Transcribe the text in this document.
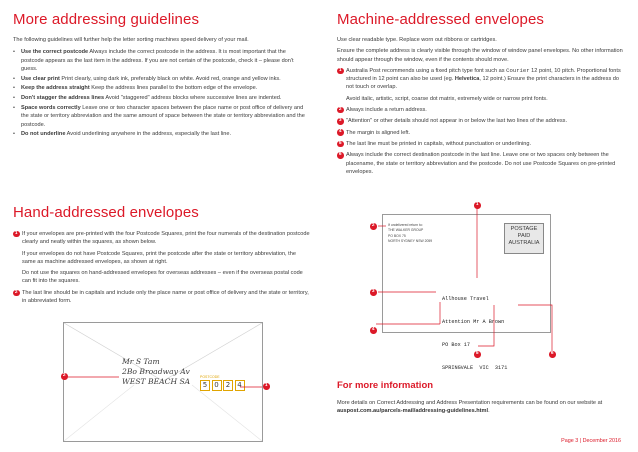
More addressing guidelines

The following guidelines will further help the letter sorting machines speed delivery of your mail.

• Use the correct postcode Always include the correct postcode in the address. It is most important that the postcode appears as the last item in the address. If you are not certain of the postcode, check it – please don't guess.
• Use clear print Print clearly, using dark ink, preferably black on white. Avoid red, orange and yellow inks.
• Keep the address straight Keep the address lines parallel to the bottom edge of the envelope.
• Don't stagger the address lines Avoid "staggered" address blocks where successive lines are indented.
• Space words correctly Leave one or two character spaces between the place name or post office of delivery and the state or territory abbreviation and the same amount of space between the state or territory abbreviation and the postcode.
• Do not underline Avoid underlining anywhere in the address, especially the last line.
Hand-addressed envelopes
1 If your envelopes are pre-printed with the four Postcode Squares, print the four numerals of the destination postcode clearly and neatly within the squares, as shown below.
If your envelopes do not have Postcode Squares, print the postcode after the state or territory abbreviation, the same as machine addressed envelopes, as shown at right.
Do not use the squares on hand-addressed envelopes for overseas addresses – even if the overseas postal code can fit into the squares.
2 The last line should be in capitals and include only the place name or post office of delivery and the state or territory, in abbreviated form.
Mr S Tam
2Bo Broadway Av
WEST BEACH SA	POSTCODE
5	0	2	4
2
1
Machine-addressed envelopes

Use clear readable type. Replace worn out ribbons or cartridges.

Ensure the complete address is clearly visible through the window of window panel envelopes. No other information should appear through the window, even if the contents should move.

1 Australia Post recommends using a fixed pitch type font such as Courier 12 point, 10 pitch. Proportional fonts structured in 12 point can also be used (eg. Helvetica, 12 point.) Ensure the print characters in the address do not touch or overlap.
Avoid italic, artistic, script, coarse dot matrix, extremely wide or narrow print fonts.
2 Always include a return address.
3 "Attention" or other details should not appear in or below the last two lines of the address.
4 The margin is aligned left.
5 The last line must be printed in capitals, without punctuation or underlining.
6 Always include the correct destination postcode in the last line. Leave one or two spaces only between the placename, the state or territory abbreviation and the postcode. Do not use Postcode Squares on pre-printed envelopes.
If undelivered return to:
THE WALKER GROUP
PO BOX 75
NORTH SYDNEY NSW 2059
POSTAGE
PAID
AUSTRALIA

Allhouse Travel

Attention Mr A Brown

PO Box 17

SPRINGVALE  VIC  3171

2
1
3
4
5	6
For more information

More details on Correct Addressing and Address Presentation requirements can be found on our website at auspost.com.au/parcels-mail/addressing-guidelines.html.

Page 3 | December 2016
